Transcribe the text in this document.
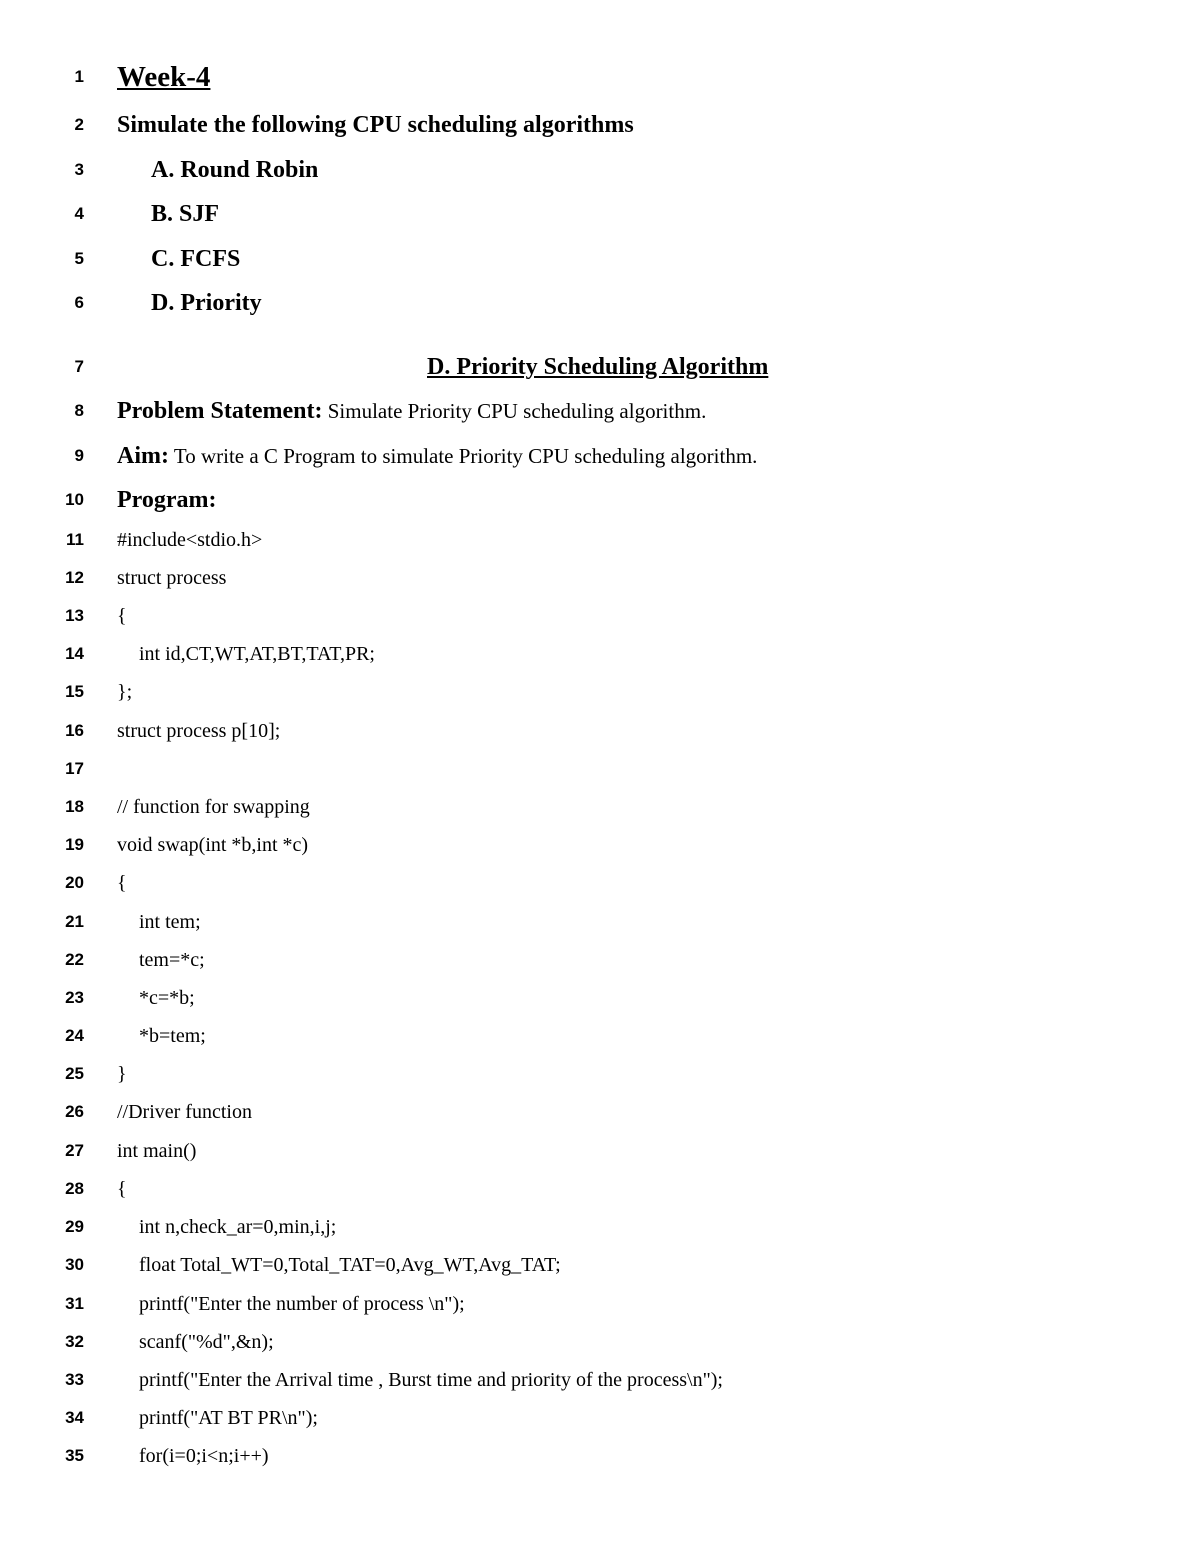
1 Week-4
2 Simulate the following CPU scheduling algorithms
3	A. Round Robin
4	B. SJF
5	C. FCFS
6	D. Priority
7	D. Priority Scheduling Algorithm
8 Problem Statement: Simulate Priority CPU scheduling algorithm.
9 Aim: To write a C Program to simulate Priority CPU scheduling algorithm.
10 Program:
11 #include<stdio.h>
12 struct process
13 {
14	int id,CT,WT,AT,BT,TAT,PR;
15 };
16 struct process p[10];
17
18 // function for swapping
19 void swap(int *b,int *c)
20 {
21	int tem;
22	tem=*c;
23	*c=*b;
24	*b=tem;
25 }
26 //Driver function
27 int main()
28 {
29	int n,check_ar=0,min,i,j;
30	float Total_WT=0,Total_TAT=0,Avg_WT,Avg_TAT;
31	printf("Enter the number of process \n");
32	scanf("%d",&n);
33	printf("Enter the Arrival time , Burst time and priority of the process\n");
34	printf("AT BT PR\n");
35	for(i=0;i<n;i++)
